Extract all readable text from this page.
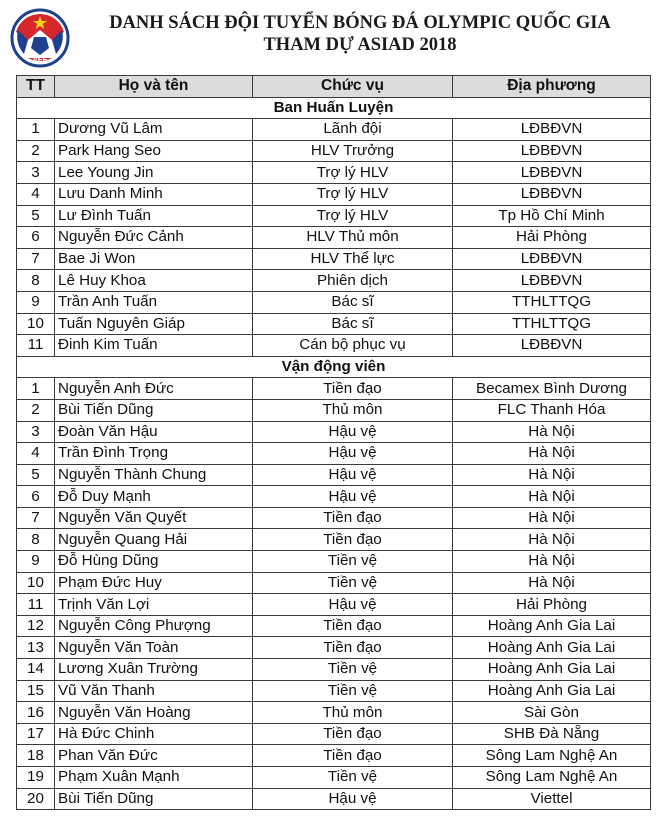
VFF
DANH SÁCH ĐỘI TUYỂN BÓNG ĐÁ OLYMPIC QUỐC GIA
THAM DỰ ASIAD 2018
TT	Họ và tên	Chức vụ	Địa phương
Ban Huấn Luyện			
1	Dương Vũ Lâm	Lãnh đội	LĐBĐVN
2	Park Hang Seo	HLV Trưởng	LĐBĐVN
3	Lee Young Jin	Trợ lý HLV	LĐBĐVN
4	Lưu Danh Minh	Trợ lý HLV	LĐBĐVN
5	Lư Đình Tuấn	Trợ lý HLV	Tp Hồ Chí Minh
6	Nguyễn Đức Cảnh	HLV Thủ môn	Hải Phòng
7	Bae Ji Won	HLV Thể lực	LĐBĐVN
8	Lê Huy Khoa	Phiên dịch	LĐBĐVN
9	Trần Anh Tuấn	Bác sĩ	TTHLTTQG
10	Tuấn Nguyên Giáp	Bác sĩ	TTHLTTQG
11	Đinh Kim Tuấn	Cán bộ phục vụ	LĐBĐVN
Vận động viên			
1	Nguyễn Anh Đức	Tiền đạo	Becamex Bình Dương
2	Bùi Tiến Dũng	Thủ môn	FLC Thanh Hóa
3	Đoàn Văn Hậu	Hậu vệ	Hà Nội
4	Trần Đình Trọng	Hậu vệ	Hà Nội
5	Nguyễn Thành Chung	Hậu vệ	Hà Nội
6	Đỗ Duy Mạnh	Hậu vệ	Hà Nội
7	Nguyễn Văn Quyết	Tiền đạo	Hà Nội
8	Nguyễn Quang Hải	Tiền đạo	Hà Nội
9	Đỗ Hùng Dũng	Tiền vệ	Hà Nội
10	Phạm Đức Huy	Tiền vệ	Hà Nội
11	Trịnh Văn Lợi	Hậu vệ	Hải Phòng
12	Nguyễn Công Phượng	Tiền đạo	Hoàng Anh Gia Lai
13	Nguyễn Văn Toàn	Tiền đạo	Hoàng Anh Gia Lai
14	Lương Xuân Trường	Tiền vệ	Hoàng Anh Gia Lai
15	Vũ Văn Thanh	Tiền vệ	Hoàng Anh Gia Lai
16	Nguyễn Văn Hoàng	Thủ môn	Sài Gòn
17	Hà Đức Chinh	Tiền đạo	SHB Đà Nẵng
18	Phan Văn Đức	Tiền đạo	Sông Lam Nghệ An
19	Phạm Xuân Mạnh	Tiền vệ	Sông Lam Nghệ An
20	Bùi Tiến Dũng	Hậu vệ	Viettel
